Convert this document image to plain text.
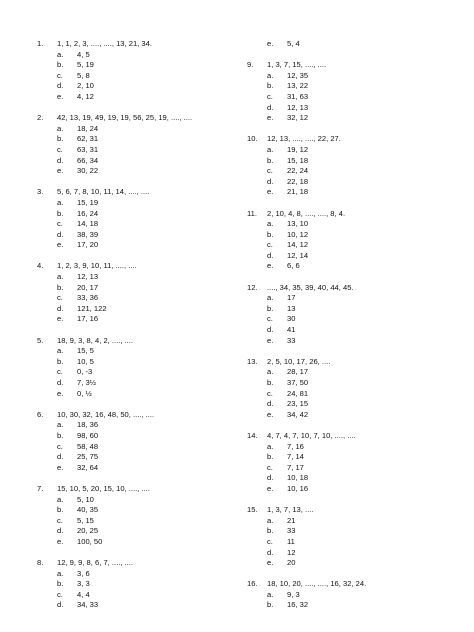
1. 1, 1, 2, 3, ...., ...., 13, 21, 34.
a. 4, 5
b. 5, 19
c. 5, 8
d. 2, 10
e. 4, 12
2. 42, 13, 19, 49, 19, 19, 56, 25, 19, ...., ....
a. 18, 24
b. 62, 31
c. 63, 31
d. 66, 34
e. 30, 22
3. 5, 6, 7, 8, 10, 11, 14, ...., ....
a. 15, 19
b. 16, 24
c. 14, 18
d. 38, 39
e. 17, 20
4. 1, 2, 3, 9, 10, 11, ...., ....
a. 12, 13
b. 20, 17
c. 33, 36
d. 121, 122
e. 17, 16
5. 18, 9, 3, 8, 4, 2, ...., ....
a. 15, 5
b. 10, 5
c. 0, -3
d. 7, 3½
e. 0, ½
6. 10, 30, 32, 16, 48, 50, ...., ....
a. 18, 36
b. 98, 60
c. 58, 48
d. 25, 75
e. 32, 64
7. 15, 10, 5, 20, 15, 10, ...., ....
a. 5, 10
b. 40, 35
c. 5, 15
d. 20, 25
e. 100, 50
8. 12, 9, 9, 8, 6, 7, ...., ....
a. 3, 6
b. 3, 3
c. 4, 4
d. 34, 33
e. 5, 4
9. 1, 3, 7, 15, ...., ....
a. 12, 35
b. 13, 22
c. 31, 63
d. 12, 13
e. 32, 12
10. 12, 13, ...., ...., 22, 27.
a. 19, 12
b. 15, 18
c. 22, 24
d. 22, 18
e. 21, 18
11. 2, 10, 4, 8, ...., ...., 8, 4.
a. 13, 10
b. 10, 12
c. 14, 12
d. 12, 14
e. 6, 6
12. ...., 34, 35, 39, 40, 44, 45.
a. 17
b. 13
c. 30
d. 41
e. 33
13. 2, 5, 10, 17, 26, ....
a. 28, 17
b. 37, 50
c. 24, 81
d. 23, 15
e. 34, 42
14. 4, 7, 4, 7, 10, 7, 10, ...., ....
a. 7, 16
b. 7, 14
c. 7, 17
d. 10, 18
e. 10, 16
15. 1, 3, 7, 13, ....
a. 21
b. 33
c. 11
d. 12
e. 20
16. 18, 10, 20, ...., ...., 16, 32, 24.
a. 9, 3
b. 16, 32
